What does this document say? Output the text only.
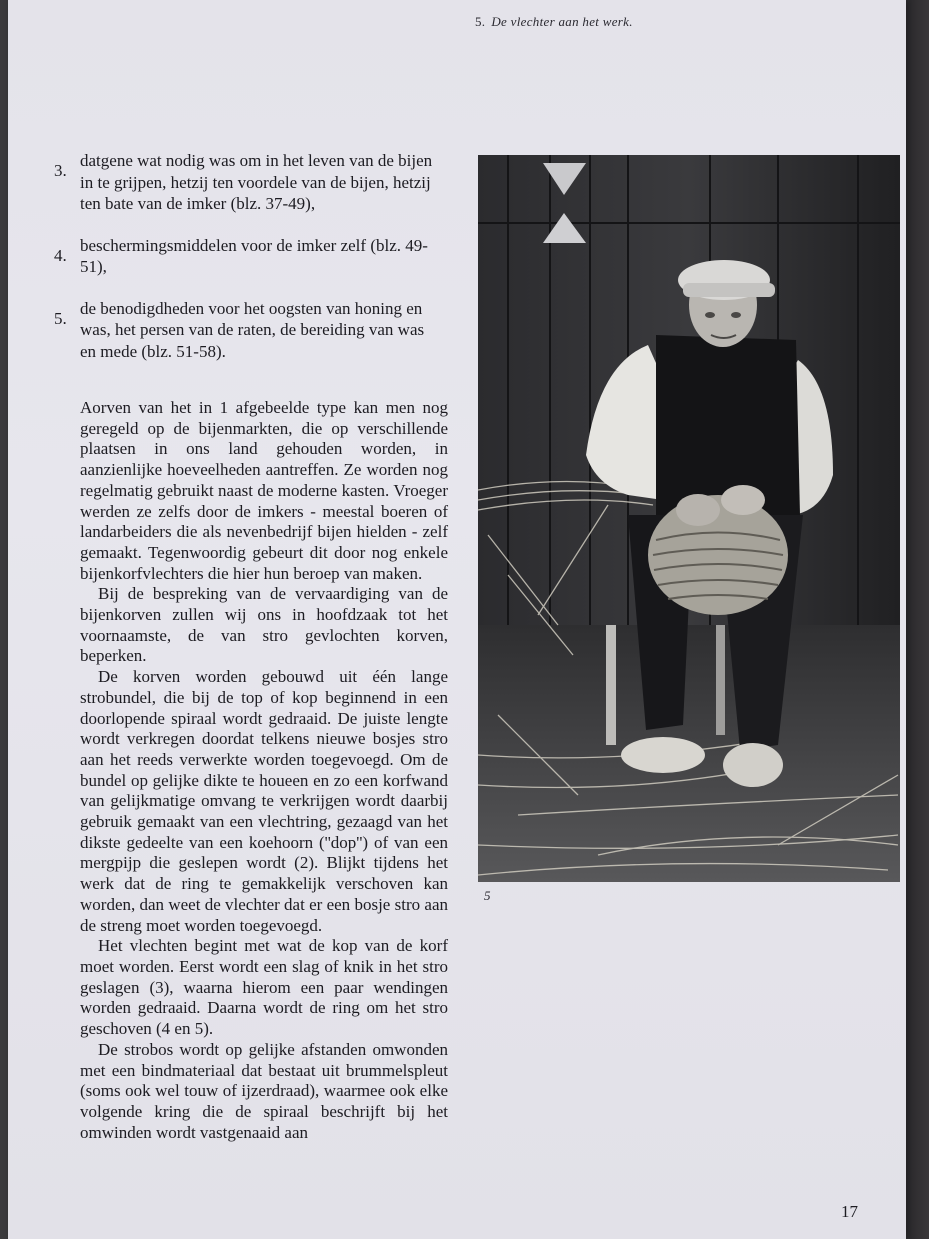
5. De vlechter aan het werk.
3.
datgene wat nodig was om in het leven van de bijen in te grijpen, hetzij ten voordele van de bijen, hetzij ten bate van de imker (blz. 37-49),
4.
beschermingsmiddelen voor de imker zelf (blz. 49-51),
5.
de benodigdheden voor het oogsten van honing en was, het persen van de raten, de bereiding van was en mede (blz. 51-58).

Aorven van het in 1 afgebeelde type kan men nog geregeld op de bijenmarkten, die op verschillende plaatsen in ons land gehouden worden, in aanzienlijke hoeveelheden aantreffen. Ze worden nog regelmatig gebruikt naast de moderne kasten. Vroeger werden ze zelfs door de imkers - meestal boeren of landarbeiders die als nevenbedrijf bijen hielden - zelf gemaakt. Tegenwoordig gebeurt dit door nog enkele bijenkorfvlechters die hier hun beroep van maken.

Bij de bespreking van de vervaardiging van de bijenkorven zullen wij ons in hoofdzaak tot het voornaamste, de van stro gevlochten korven, beperken.

De korven worden gebouwd uit één lange strobundel, die bij de top of kop beginnend in een doorlopende spiraal wordt gedraaid. De juiste lengte wordt verkregen doordat telkens nieuwe bosjes stro aan het reeds verwerkte worden toegevoegd. Om de bundel op gelijke dikte te houeen en zo een korfwand van gelijkmatige omvang te verkrijgen wordt daarbij gebruik gemaakt van een vlechtring, gezaagd van het dikste gedeelte van een koehoorn (''dop'') of van een mergpijp die geslepen wordt (2). Blijkt tijdens het werk dat de ring te gemakkelijk verschoven kan worden, dan weet de vlechter dat er een bosje stro aan de streng moet worden toegevoegd.

Het vlechten begint met wat de kop van de korf moet worden. Eerst wordt een slag of knik in het stro geslagen (3), waarna hierom een paar wendingen worden gedraaid. Daarna wordt de ring om het stro geschoven (4 en 5).

De strobos wordt op gelijke afstanden omwonden met een bindmateriaal dat bestaat uit brummelspleut (soms ook wel touw of ijzerdraad), waarmee ook elke volgende kring die de spiraal beschrijft bij het omwinden wordt vastgenaaid aan

5
17
